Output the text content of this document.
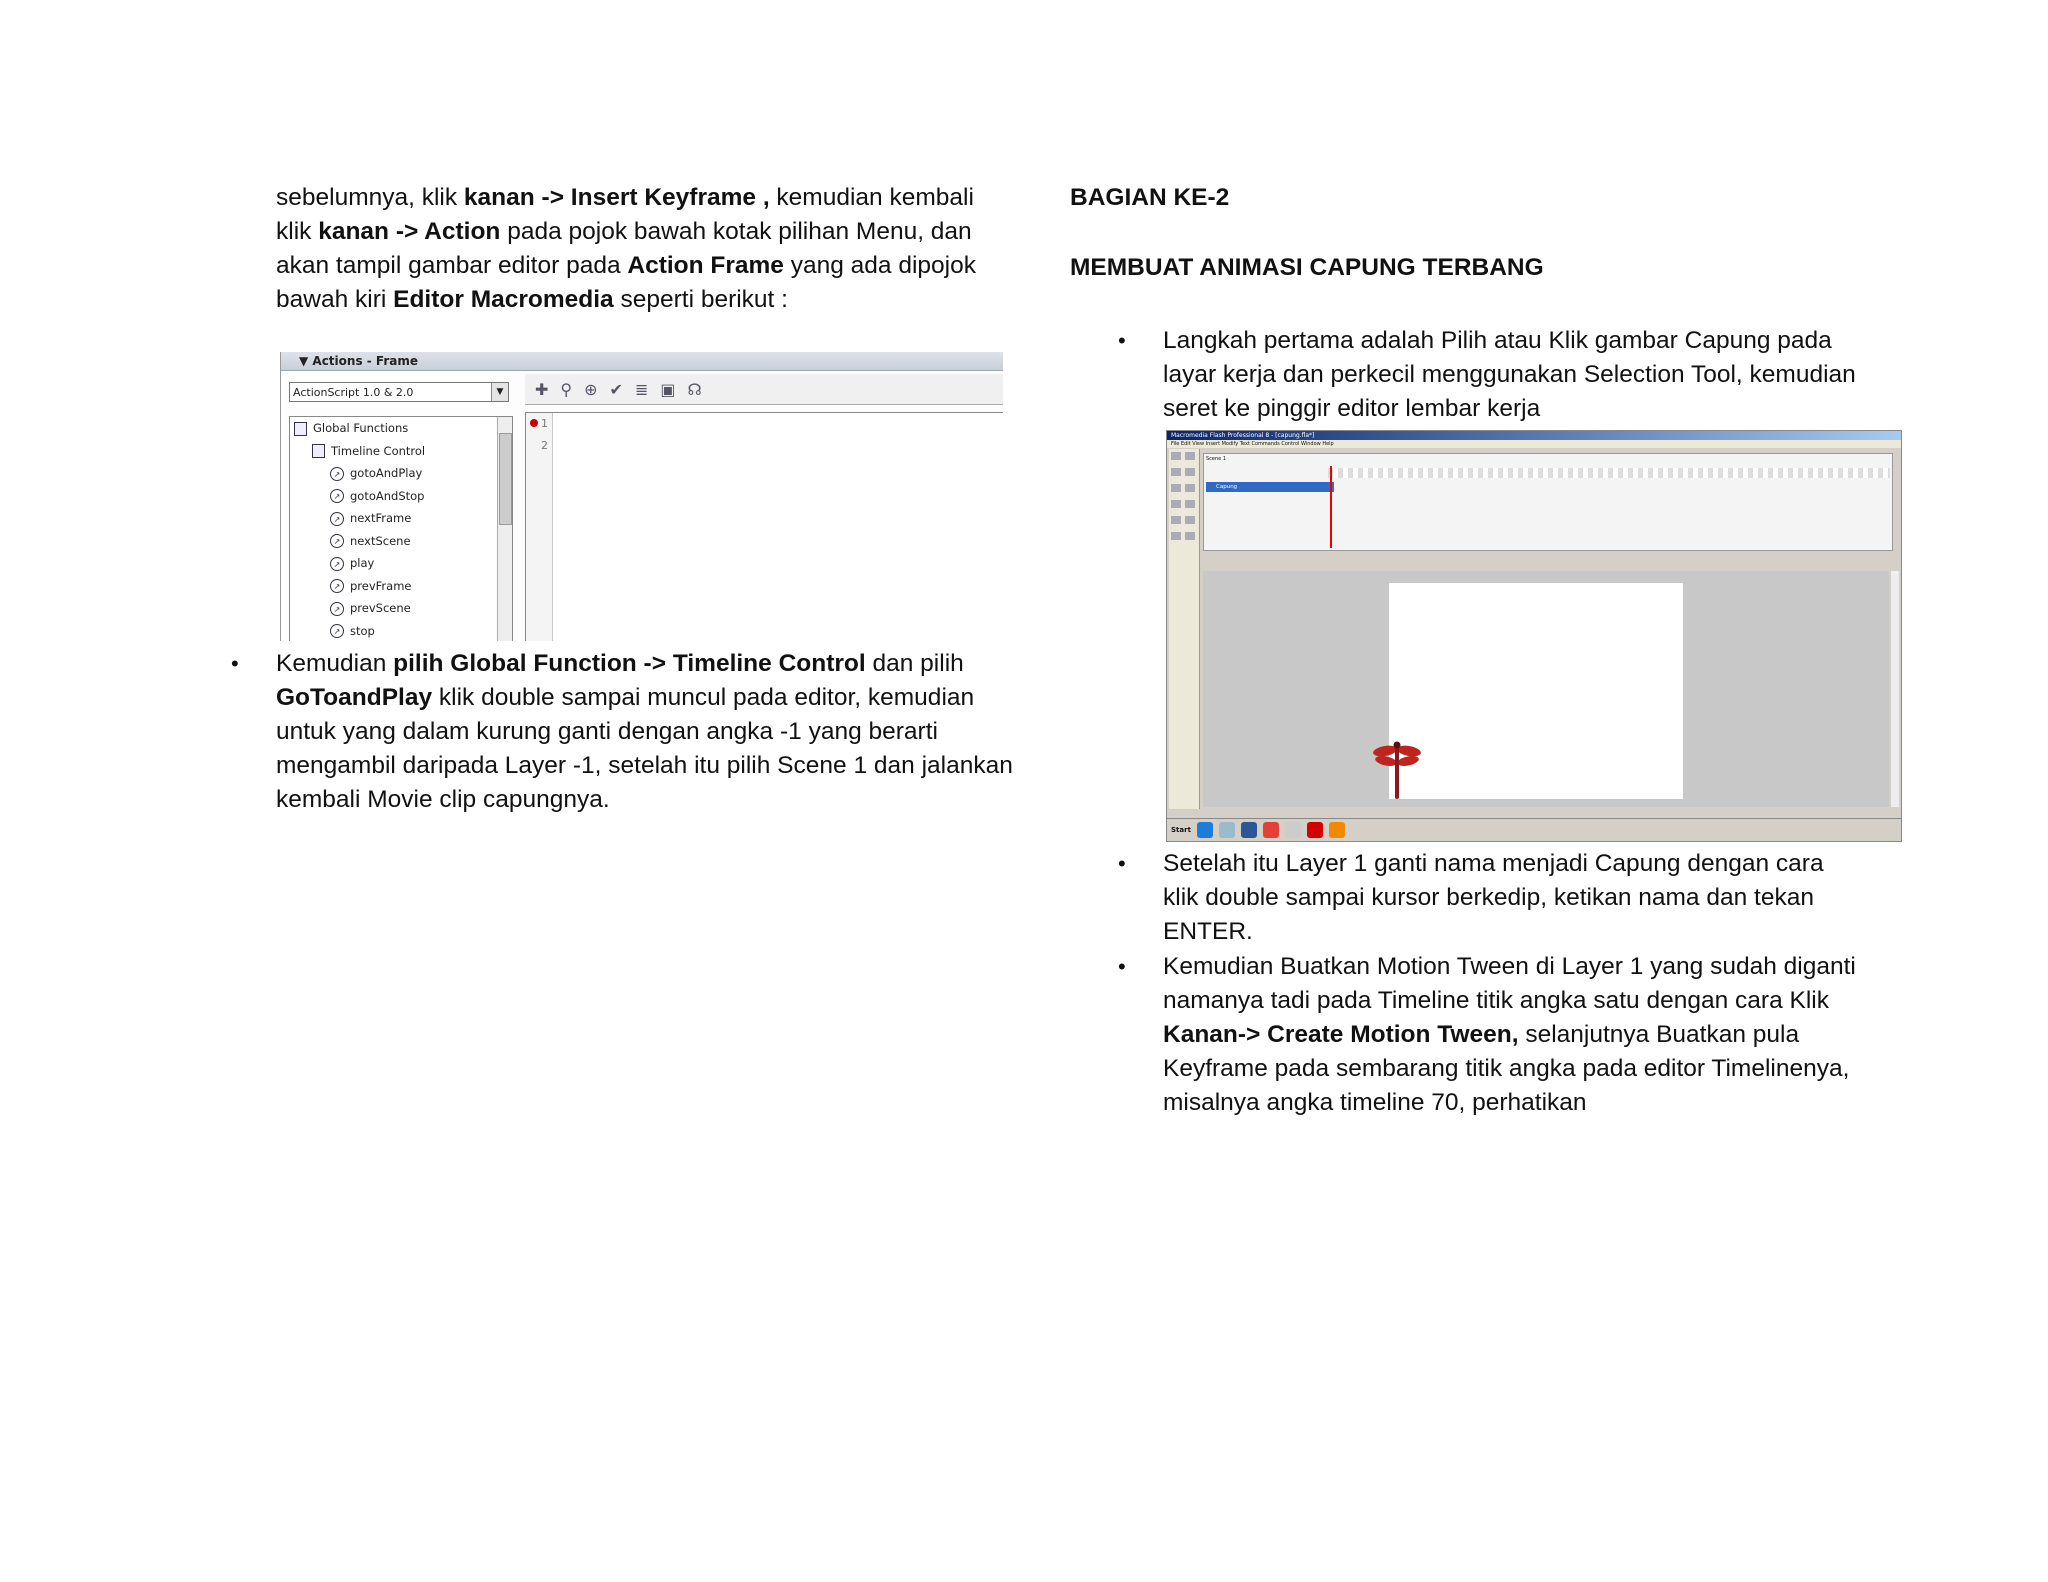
sebelumnya, klik kanan -> Insert Keyframe , kemudian kembali klik kanan -> Action pada pojok bawah kotak pilihan Menu, dan akan tampil gambar editor pada Action Frame yang ada dipojok bawah kiri Editor Macromedia seperti berikut :

▼ Actions - Frame
ActionScript 1.0 & 2.0	▼
Global Functions
Timeline Control
↗ gotoAndPlay
↗ gotoAndStop
↗ nextFrame
↗ nextScene
↗ play
↗ prevFrame
↗ prevScene
↗ stop
✚ ⚲ ⊕ ✔ ≣ ▣ ☊
1
2

• Kemudian pilih Global Function -> Timeline Control dan pilih GoToandPlay klik double sampai muncul pada editor, kemudian untuk yang dalam kurung ganti dengan angka -1 yang berarti mengambil daripada Layer -1, setelah itu pilih Scene 1 dan jalankan kembali Movie clip capungnya.

BAGIAN KE-2

MEMBUAT ANIMASI CAPUNG TERBANG

• Langkah pertama adalah Pilih atau Klik gambar Capung pada layar kerja dan perkecil menggunakan Selection Tool, kemudian seret ke pinggir editor lembar kerja

Macromedia Flash Professional 8 - [capung.fla*]
File Edit View Insert Modify Text Commands Control Window Help

Scene 1
Capung
Start

• Setelah itu Layer 1 ganti nama menjadi Capung dengan cara klik double sampai kursor berkedip, ketikan nama dan tekan ENTER.

• Kemudian Buatkan Motion Tween di Layer 1 yang sudah diganti namanya tadi pada Timeline titik angka satu dengan cara Klik Kanan-> Create Motion Tween, selanjutnya Buatkan pula Keyframe pada sembarang titik angka pada editor Timelinenya, misalnya angka timeline 70, perhatikan
